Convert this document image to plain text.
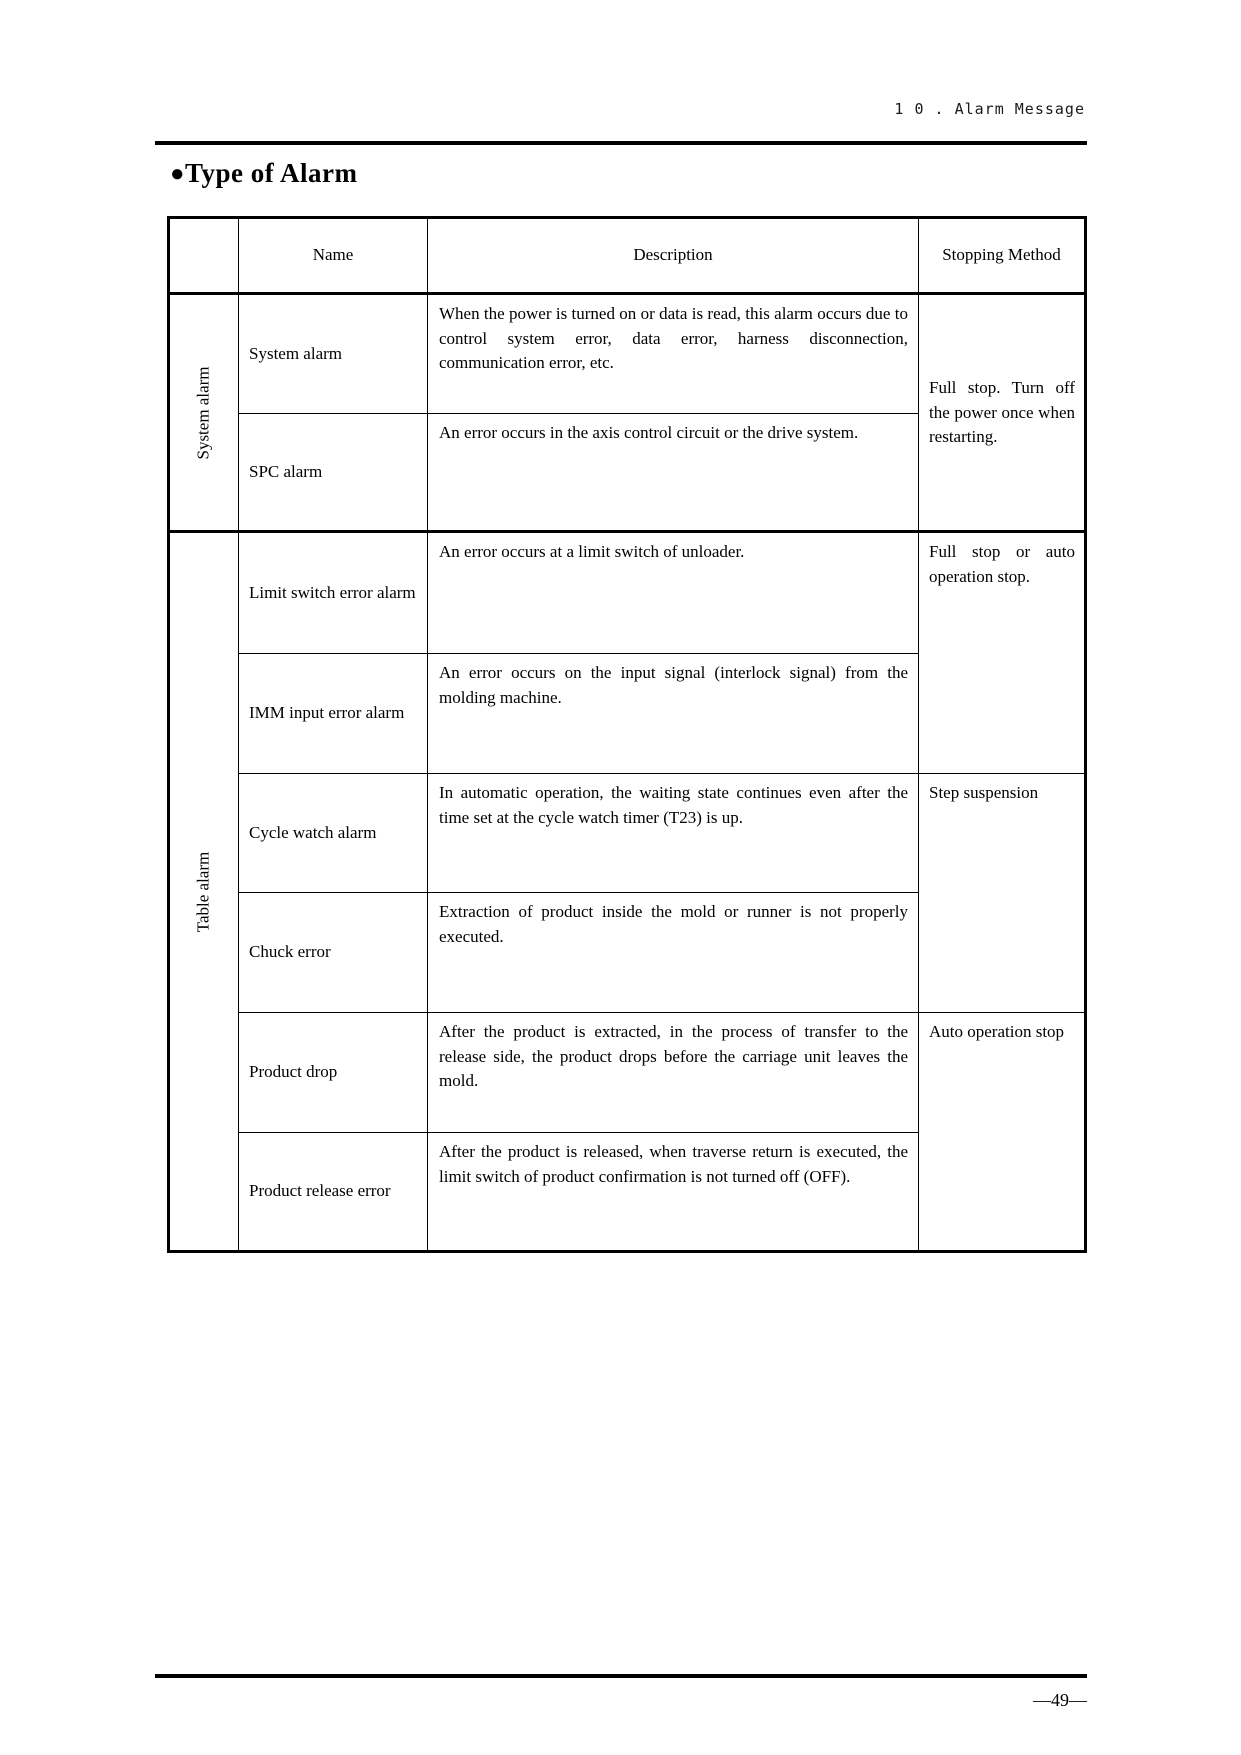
1 0 . Alarm Message
●Type of Alarm
	Name	Description	Stopping Method

System alarm	System alarm	When the power is turned on or data is read, this alarm occurs due to control system error, data error, harness disconnection, communication error, etc.	Full stop. Turn off the power once when restarting.
	SPC alarm	An error occurs in the axis control circuit or the drive system.	

Table alarm	Limit switch error alarm	An error occurs at a limit switch of unloader.	Full stop or auto operation stop.
	IMM input error alarm	An error occurs on the input signal (interlock signal) from the molding machine.	
	Cycle watch alarm	In automatic operation, the waiting state continues even after the time set at the cycle watch timer (T23) is up.	Step suspension
	Chuck error	Extraction of product inside the mold or runner is not properly executed.	
	Product drop	After the product is extracted, in the process of transfer to the release side, the product drops before the carriage unit leaves the mold.	Auto operation stop
	Product release error	After the product is released, when traverse return is executed, the limit switch of product confirmation is not turned off (OFF).	
—49—
